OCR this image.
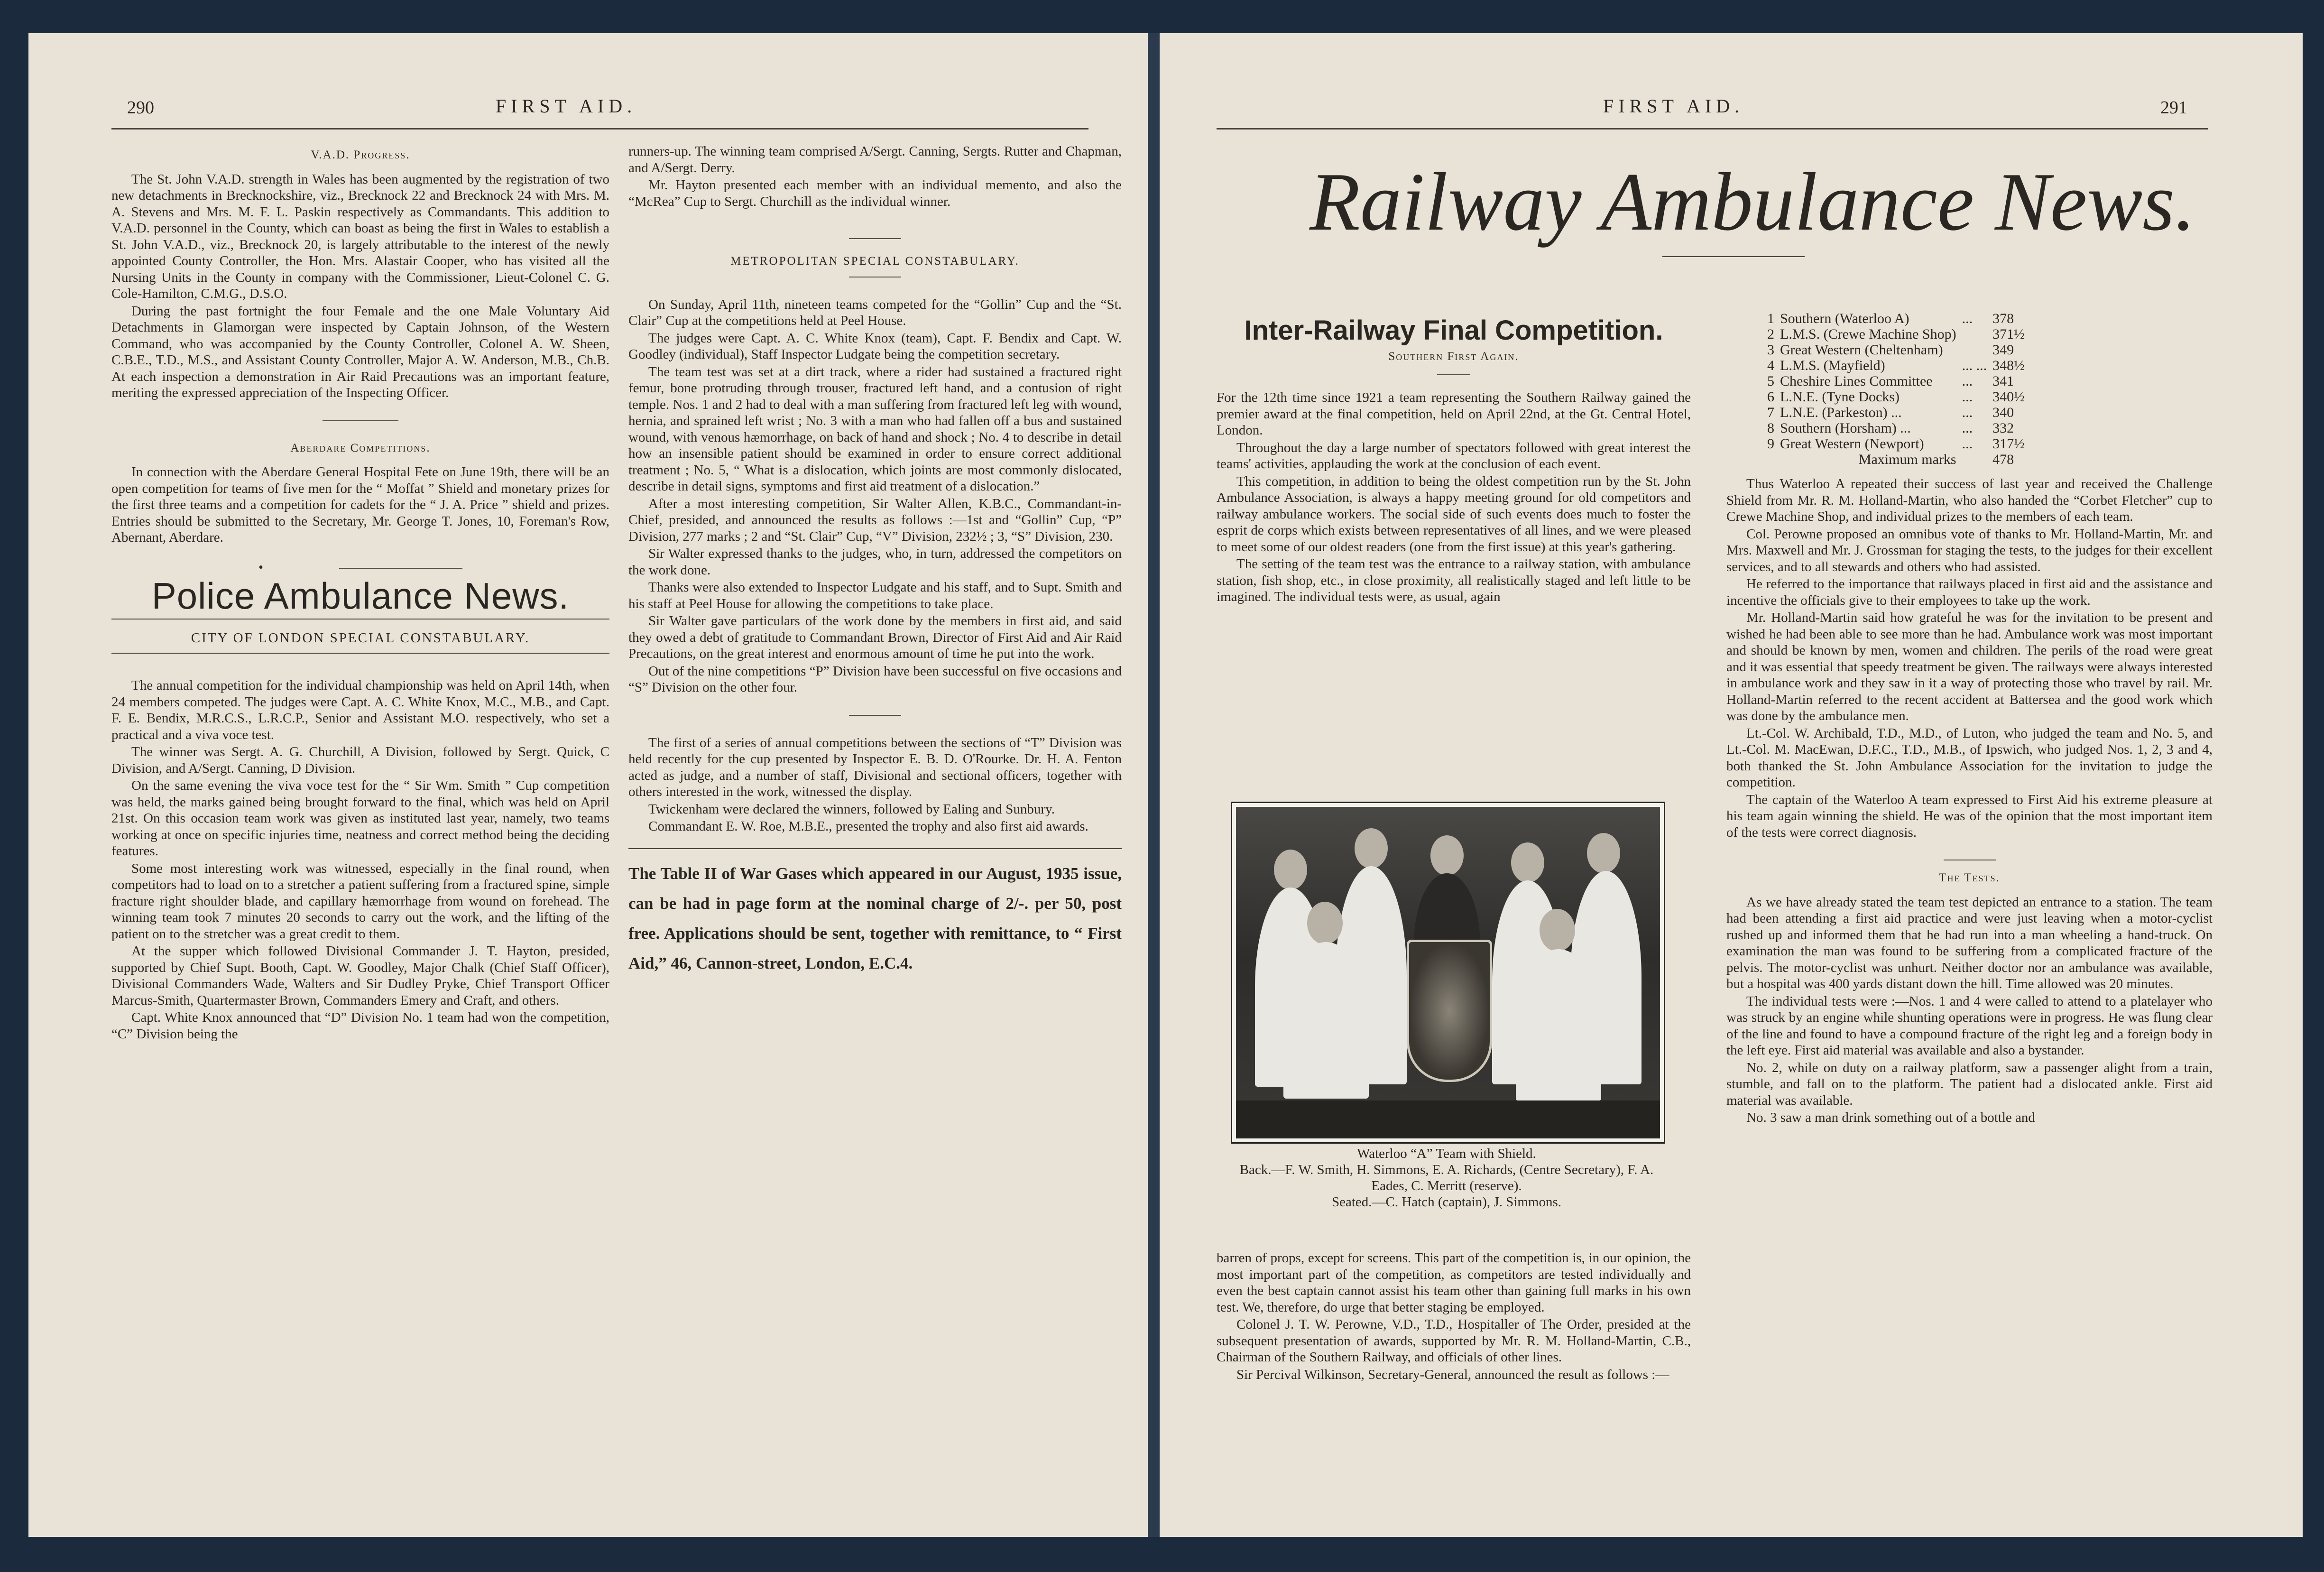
290	FIRST AID.
V.A.D. Progress.

The St. John V.A.D. strength in Wales has been augmented by the registration of two new detachments in Brecknockshire, viz., Brecknock 22 and Brecknock 24 with Mrs. M. A. Stevens and Mrs. M. F. L. Paskin respectively as Commandants. This addition to V.A.D. personnel in the County, which can boast as being the first in Wales to establish a St. John V.A.D., viz., Brecknock 20, is largely attributable to the interest of the newly appointed County Controller, the Hon. Mrs. Alastair Cooper, who has visited all the Nursing Units in the County in company with the Commissioner, Lieut-Colonel C. G. Cole-Hamilton, C.M.G., D.S.O.

During the past fortnight the four Female and the one Male Voluntary Aid Detachments in Glamorgan were inspected by Captain Johnson, of the Western Command, who was accompanied by the County Controller, Colonel A. W. Sheen, C.B.E., T.D., M.S., and Assistant County Controller, Major A. W. Anderson, M.B., Ch.B. At each inspection a demonstration in Air Raid Precautions was an important feature, meriting the expressed appreciation of the Inspecting Officer.

Aberdare Competitions.

In connection with the Aberdare General Hospital Fete on June 19th, there will be an open competition for teams of five men for the “ Moffat ” Shield and monetary prizes for the first three teams and a competition for cadets for the “ J. A. Price ” shield and prizes. Entries should be submitted to the Secretary, Mr. George T. Jones, 10, Foreman's Row, Abernant, Aberdare.

•
Police Ambulance News.
CITY OF LONDON SPECIAL CONSTABULARY.

The annual competition for the individual championship was held on April 14th, when 24 members competed. The judges were Capt. A. C. White Knox, M.C., M.B., and Capt. F. E. Bendix, M.R.C.S., L.R.C.P., Senior and Assistant M.O. respectively, who set a practical and a viva voce test.

The winner was Sergt. A. G. Churchill, A Division, followed by Sergt. Quick, C Division, and A/Sergt. Canning, D Division.

On the same evening the viva voce test for the “ Sir Wm. Smith ” Cup competition was held, the marks gained being brought forward to the final, which was held on April 21st. On this occasion team work was given as instituted last year, namely, two teams working at once on specific injuries time, neatness and correct method being the deciding features.

Some most interesting work was witnessed, especially in the final round, when competitors had to load on to a stretcher a patient suffering from a fractured spine, simple fracture right shoulder blade, and capillary hæmorrhage from wound on forehead. The winning team took 7 minutes 20 seconds to carry out the work, and the lifting of the patient on to the stretcher was a great credit to them.

At the supper which followed Divisional Commander J. T. Hayton, presided, supported by Chief Supt. Booth, Capt. W. Goodley, Major Chalk (Chief Staff Officer), Divisional Commanders Wade, Walters and Sir Dudley Pryke, Chief Transport Officer Marcus-Smith, Quartermaster Brown, Commanders Emery and Craft, and others.

Capt. White Knox announced that “D” Division No. 1 team had won the competition, “C” Division being the

runners-up. The winning team comprised A/Sergt. Canning, Sergts. Rutter and Chapman, and A/Sergt. Derry.

Mr. Hayton presented each member with an individual memento, and also the “McRea” Cup to Sergt. Churchill as the individual winner.

METROPOLITAN SPECIAL CONSTABULARY.

On Sunday, April 11th, nineteen teams competed for the “Gollin” Cup and the “St. Clair” Cup at the competitions held at Peel House.

The judges were Capt. A. C. White Knox (team), Capt. F. Bendix and Capt. W. Goodley (individual), Staff Inspector Ludgate being the competition secretary.

The team test was set at a dirt track, where a rider had sustained a fractured right femur, bone protruding through trouser, fractured left hand, and a contusion of right temple. Nos. 1 and 2 had to deal with a man suffering from fractured left leg with wound, hernia, and sprained left wrist ; No. 3 with a man who had fallen off a bus and sustained wound, with venous hæmorrhage, on back of hand and shock ; No. 4 to describe in detail how an insensible patient should be examined in order to ensure correct additional treatment ; No. 5, “ What is a dislocation, which joints are most commonly dislocated, describe in detail signs, symptoms and first aid treatment of a dislocation.”

After a most interesting competition, Sir Walter Allen, K.B.C., Commandant-in-Chief, presided, and announced the results as follows :—1st and “Gollin” Cup, “P” Division, 277 marks ; 2 and “St. Clair” Cup, “V” Division, 232½ ; 3, “S” Division, 230.

Sir Walter expressed thanks to the judges, who, in turn, addressed the competitors on the work done.

Thanks were also extended to Inspector Ludgate and his staff, and to Supt. Smith and his staff at Peel House for allowing the competitions to take place.

Sir Walter gave particulars of the work done by the members in first aid, and said they owed a debt of gratitude to Commandant Brown, Director of First Aid and Air Raid Precautions, on the great interest and enormous amount of time he put into the work.

Out of the nine competitions “P” Division have been successful on five occasions and “S” Division on the other four.

The first of a series of annual competitions between the sections of “T” Division was held recently for the cup presented by Inspector E. B. D. O'Rourke. Dr. H. A. Fenton acted as judge, and a number of staff, Divisional and sectional officers, together with others interested in the work, witnessed the display.

Twickenham were declared the winners, followed by Ealing and Sunbury.

Commandant E. W. Roe, M.B.E., presented the trophy and also first aid awards.

The Table II of War Gases which appeared in our August, 1935 issue, can be had in page form at the nominal charge of 2/-. per 50, post free. Applications should be sent, together with remittance, to “ First Aid,” 46, Cannon-street, London, E.C.4.
FIRST AID.	291
Railway Ambulance News.
Inter-Railway Final Competition.
Southern First Again.

For the 12th time since 1921 a team representing the Southern Railway gained the premier award at the final competition, held on April 22nd, at the Gt. Central Hotel, London.

Throughout the day a large number of spectators followed with great interest the teams' activities, applauding the work at the conclusion of each event.

This competition, in addition to being the oldest competition run by the St. John Ambulance Association, is always a happy meeting ground for old competitors and railway ambulance workers. The social side of such events does much to foster the esprit de corps which exists between representatives of all lines, and we were pleased to meet some of our oldest readers (one from the first issue) at this year's gathering.

The setting of the team test was the entrance to a railway station, with ambulance station, fish shop, etc., in close proximity, all realistically staged and left little to be imagined. The individual tests were, as usual, again

Waterloo “A” Team with Shield.
Back.—F. W. Smith, H. Simmons, E. A. Richards, (Centre Secretary), F. A. Eades, C. Merritt (reserve).
Seated.—C. Hatch (captain), J. Simmons.

barren of props, except for screens. This part of the competition is, in our opinion, the most important part of the competition, as competitors are tested individually and even the best captain cannot assist his team other than gaining full marks in his own test. We, therefore, do urge that better staging be employed.

Colonel J. T. W. Perowne, V.D., T.D., Hospitaller of The Order, presided at the subsequent presentation of awards, supported by Mr. R. M. Holland-Martin, C.B., Chairman of the Southern Railway, and officials of other lines.

Sir Percival Wilkinson, Secretary-General, announced the result as follows :—

1	Southern (Waterloo A)	...	378
2	L.M.S. (Crewe Machine Shop)		371½
3	Great Western (Cheltenham)		349
4	L.M.S. (Mayfield)	... ...	348½
5	Cheshire Lines Committee	...	341
6	L.N.E. (Tyne Docks)	...	340½
7	L.N.E. (Parkeston) ...	...	340
8	Southern (Horsham) ...	...	332
9	Great Western (Newport)	...	317½
	Maximum marks		478

Thus Waterloo A repeated their success of last year and received the Challenge Shield from Mr. R. M. Holland-Martin, who also handed the “Corbet Fletcher” cup to Crewe Machine Shop, and individual prizes to the members of each team.

Col. Perowne proposed an omnibus vote of thanks to Mr. Holland-Martin, Mr. and Mrs. Maxwell and Mr. J. Grossman for staging the tests, to the judges for their excellent services, and to all stewards and others who had assisted.

He referred to the importance that railways placed in first aid and the assistance and incentive the officials give to their employees to take up the work.

Mr. Holland-Martin said how grateful he was for the invitation to be present and wished he had been able to see more than he had. Ambulance work was most important and should be known by men, women and children. The perils of the road were great and it was essential that speedy treatment be given. The railways were always interested in ambulance work and they saw in it a way of protecting those who travel by rail. Mr. Holland-Martin referred to the recent accident at Battersea and the good work which was done by the ambulance men.

Lt.-Col. W. Archibald, T.D., M.D., of Luton, who judged the team and No. 5, and Lt.-Col. M. MacEwan, D.F.C., T.D., M.B., of Ipswich, who judged Nos. 1, 2, 3 and 4, both thanked the St. John Ambulance Association for the invitation to judge the competition.

The captain of the Waterloo A team expressed to First Aid his extreme pleasure at his team again winning the shield. He was of the opinion that the most important item of the tests were correct diagnosis.

The Tests.

As we have already stated the team test depicted an entrance to a station. The team had been attending a first aid practice and were just leaving when a motor-cyclist rushed up and informed them that he had run into a man wheeling a hand-truck. On examination the man was found to be suffering from a complicated fracture of the pelvis. The motor-cyclist was unhurt. Neither doctor nor an ambulance was available, but a hospital was 400 yards distant down the hill. Time allowed was 20 minutes.

The individual tests were :—Nos. 1 and 4 were called to attend to a platelayer who was struck by an engine while shunting operations were in progress. He was flung clear of the line and found to have a compound fracture of the right leg and a foreign body in the left eye. First aid material was available and also a bystander.

No. 2, while on duty on a railway platform, saw a passenger alight from a train, stumble, and fall on to the platform. The patient had a dislocated ankle. First aid material was available.

No. 3 saw a man drink something out of a bottle and
